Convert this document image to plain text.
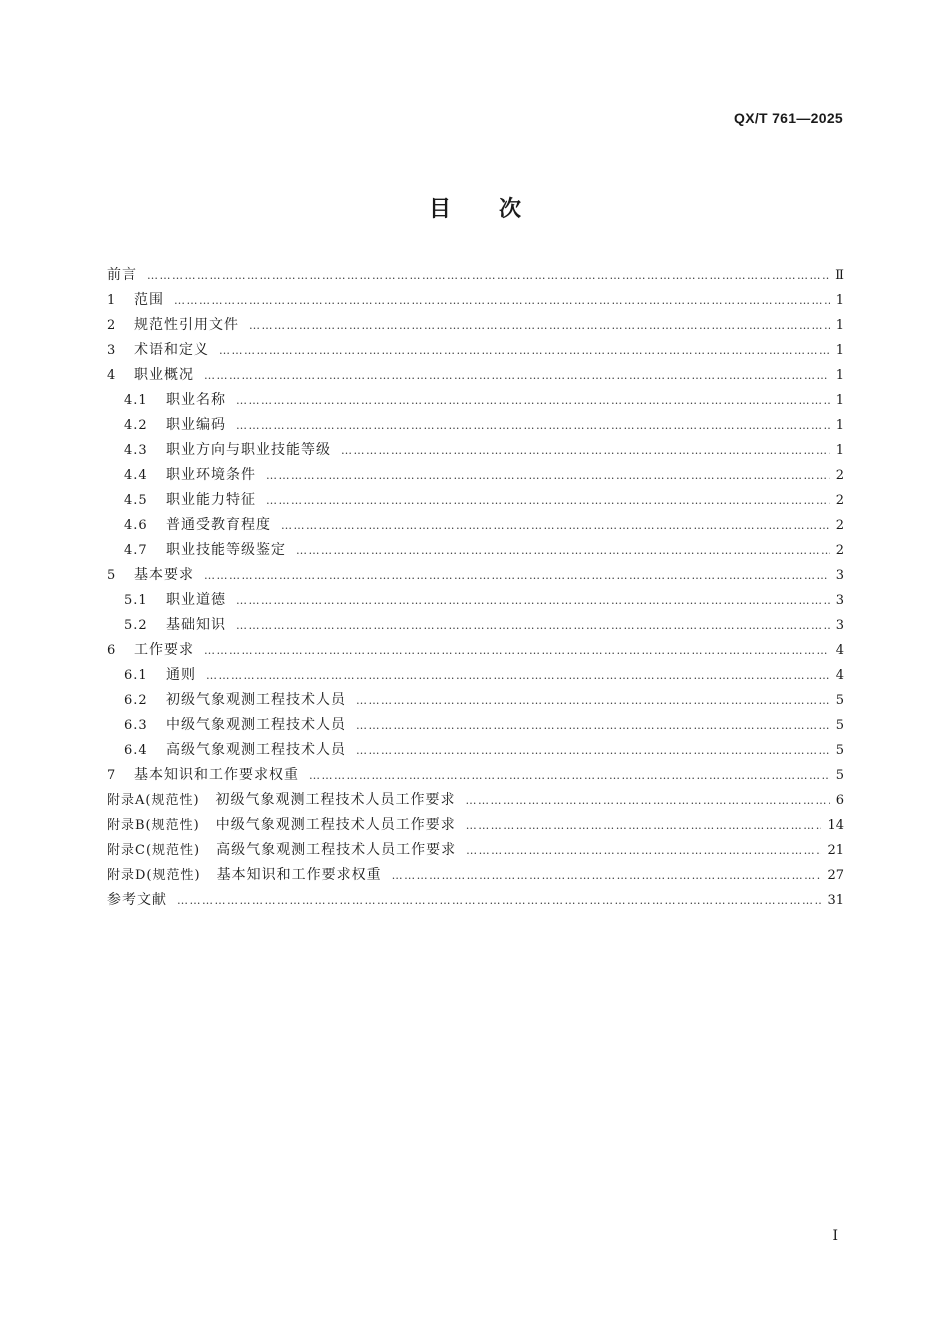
QX/T 761—2025
目次
前言 ……………………………………………………………………………………………………………………………………………………………………	Ⅱ
1 范围 ……………………………………………………………………………………………………………………………………………………………………	1
2 规范性引用文件 ……………………………………………………………………………………………………………………………………………………………………	1
3 术语和定义 ……………………………………………………………………………………………………………………………………………………………………	1
4 职业概况 ……………………………………………………………………………………………………………………………………………………………………	1
4.1 职业名称 ……………………………………………………………………………………………………………………………………………………………………	1
4.2 职业编码 ……………………………………………………………………………………………………………………………………………………………………	1
4.3 职业方向与职业技能等级 ……………………………………………………………………………………………………………………………………………………………………	1
4.4 职业环境条件 ……………………………………………………………………………………………………………………………………………………………………	2
4.5 职业能力特征 ……………………………………………………………………………………………………………………………………………………………………	2
4.6 普通受教育程度 ……………………………………………………………………………………………………………………………………………………………………	2
4.7 职业技能等级鉴定 ……………………………………………………………………………………………………………………………………………………………………	2
5 基本要求 ……………………………………………………………………………………………………………………………………………………………………	3
5.1 职业道德 ……………………………………………………………………………………………………………………………………………………………………	3
5.2 基础知识 ……………………………………………………………………………………………………………………………………………………………………	3
6 工作要求 ……………………………………………………………………………………………………………………………………………………………………	4
6.1 通则 ……………………………………………………………………………………………………………………………………………………………………	4
6.2 初级气象观测工程技术人员 ……………………………………………………………………………………………………………………………………………………………………	5
6.3 中级气象观测工程技术人员 ……………………………………………………………………………………………………………………………………………………………………	5
6.4 高级气象观测工程技术人员 ……………………………………………………………………………………………………………………………………………………………………	5
7 基本知识和工作要求权重 ……………………………………………………………………………………………………………………………………………………………………	5
附录A(规范性) 初级气象观测工程技术人员工作要求 ……………………………………………………………………………………………………………………………………………………………………	6
附录B(规范性) 中级气象观测工程技术人员工作要求 ……………………………………………………………………………………………………………………………………………………………………	14
附录C(规范性) 高级气象观测工程技术人员工作要求 ……………………………………………………………………………………………………………………………………………………………………	21
附录D(规范性) 基本知识和工作要求权重 ……………………………………………………………………………………………………………………………………………………………………	27
参考文献 ……………………………………………………………………………………………………………………………………………………………………	31
I
